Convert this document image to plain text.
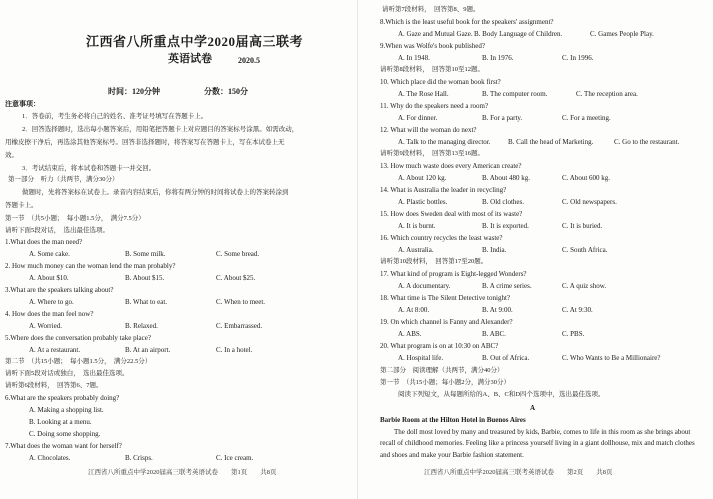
江西省八所重点中学2020届高三联考
英语试卷	2020.5
时间：120分钟	分数：150分
注意事项：
1．答卷前，考生务必将自己的姓名、准考证号填写在答题卡上。
2．回答选择题时，选出每小题答案后，用铅笔把答题卡上对应题目的答案标号涂黑。如需改动，
用橡皮擦干净后，再选涂其他答案标号。回答非选择题时，将答案写在答题卡上，写在本试卷上无
效。
3．考试结束后，将本试卷和答题卡一并交回。
第一部分　听力（共两节，满分30分）
做题时，先将答案标在试卷上。录音内容结束后，你将有两分钟的时间将试卷上的答案转涂到
答题卡上。
第一节　（共5小题；　每小题1.5分，　满分7.5分）
请听下面5段对话，　选出最佳选项。
1.What does the man need?
A. Some cake.	B. Some milk.	C. Some bread.
2. How much money can the woman lend the man probably?
A. About $10.	B. About $15.	C. About $25.
3.What are the speakers talking about?
A. Where to go.	B. What to eat.	C. When to meet.
4. How does the man feel now?
A. Worried.	B. Relaxed.	C. Embarrassed.
5.Where does the conversation probably take place?
A. At a restaurant.	B. At an airport.	C. In a hotel.
第二节　（共15小题；　每小题1.5分，　满分22.5分）
请听下面5段对话或独白，　选出最佳选项。
请听第6段材料，　回答第6、7题。
6.What are the speakers probably doing?
A. Making a shopping list.
B. Looking at a menu.
C. Doing some shopping.
7.What does the woman want for herself?
A. Chocolates.	B. Crisps.	C. Ice cream.
江西省八所重点中学2020届高三联考英语试卷　　第1页　　共8页
请听第7段材料，　回答第8、9题。
8.Which is the least useful book for the speakers' assignment?
A. Gaze and Mutual Gaze. B. Body Language of Children.	C. Games People Play.
9.When was Wolfe's book published?
A. In 1948.	B. In 1976.	C. In 1996.
请听第8段材料，　回答第10至12题。
10. Which place did the woman book first?
A. The Rose Hall.	B. The computer room.	C. The reception area.
11. Why do the speakers need a room?
A. For dinner.	B. For a party.	C. For a meeting.
12. What will the woman do next?
A. Talk to the managing director.	B. Call the head of Marketing.	C. Go to the restaurant.
请听第9段材料，　回答第13至16题。
13. How much waste does every American create?
A. About 120 kg.	B. About 480 kg.	C. About 600 kg.
14. What is Australia the leader in recycling?
A. Plastic bottles.	B. Old clothes.	C. Old newspapers.
15. How does Sweden deal with most of its waste?
A. It is burnt.	B. It is exported.	C. It is buried.
16. Which country recycles the least waste?
A. Australia.	B. India.	C. South Africa.
请听第10段材料，　回答第17至20题。
17. What kind of program is Eight-legged Wonders?
A. A documentary.	B. A crime series.	C. A quiz show.
18. What time is The Silent Detective tonight?
A. At 8:00.	B. At 9:00.	C. At 9:30.
19. On which channel is Fanny and Alexander?
A. ABS.	B. ABC.	C. PBS.
20. What program is on at 10:30 on ABC?
A. Hospital life.	B. Out of Africa.	C. Who Wants to Be a Millionaire?
第二部分　阅读理解（共两节，满分40分）
第一节　（共15小题；每小题2分，满分30分）
阅读下列短文，从每题所给的A、B、C和D四个选项中，选出最佳选项。
A
Barbie Room at the Hilton Hotel in Buenos Aires
The doll most loved by many and treasured by kids, Barbie, comes to life in this room as she brings about recall of childhood memories. Feeling like a princess yourself living in a giant dollhouse, mix and match clothes and shoes and make your Barbie fashion statement.
江西省八所重点中学2020届高三联考英语试卷　　第2页　　共8页
